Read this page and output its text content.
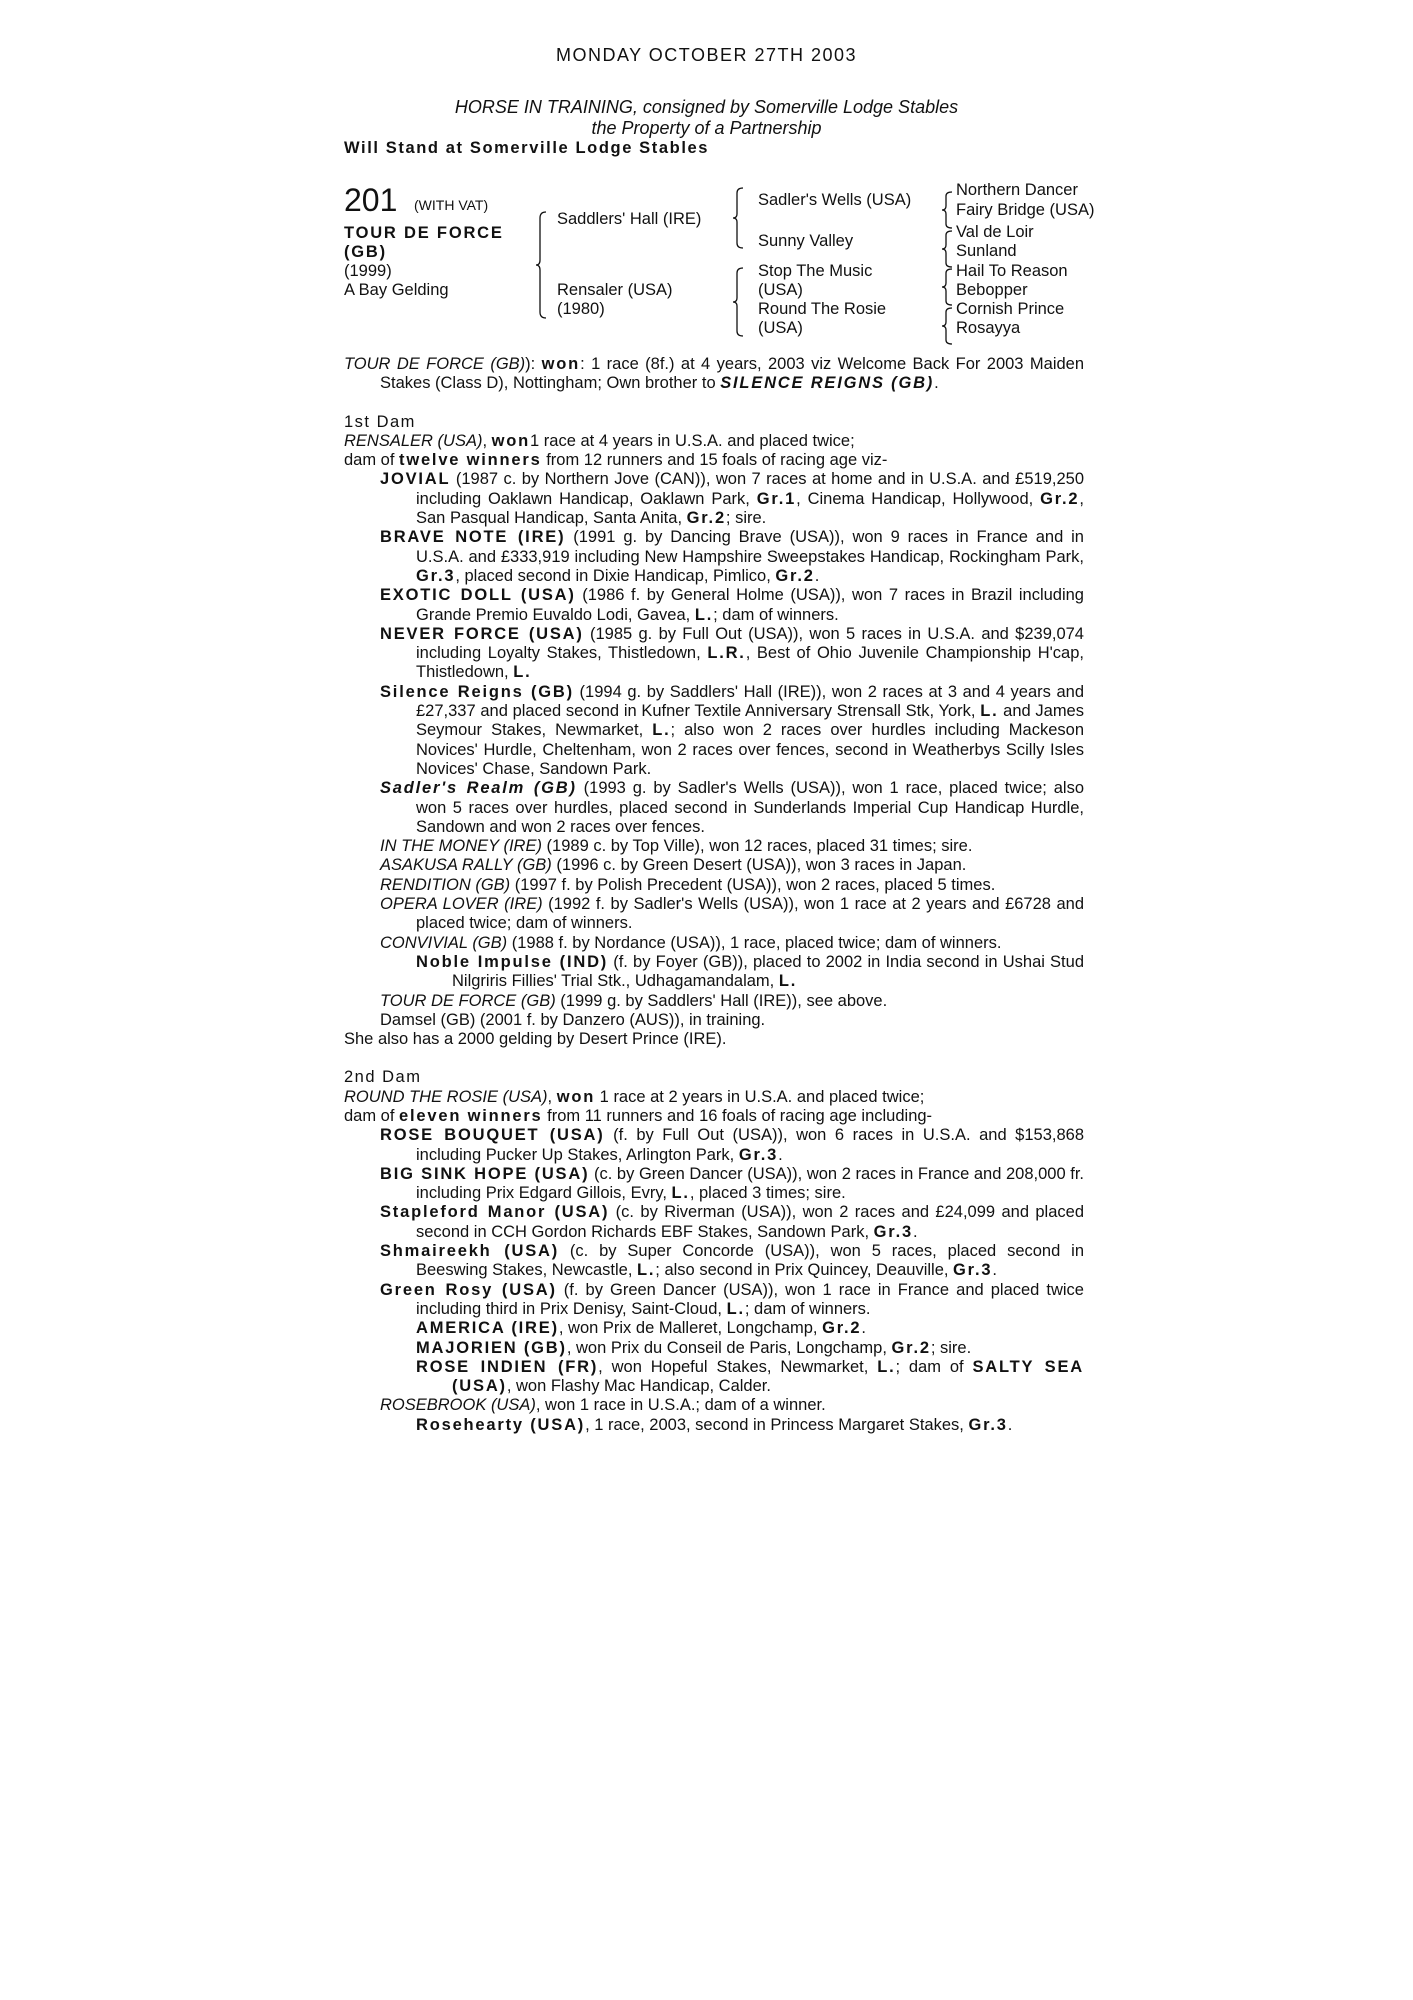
MONDAY OCTOBER 27TH 2003
HORSE IN TRAINING, consigned by Somerville Lodge Stables
the Property of a Partnership
Will Stand at Somerville Lodge Stables
201 (WITH VAT)
TOUR DE FORCE
(GB)
(1999)
A Bay Gelding
Saddlers' Hall (IRE)
Rensaler (USA)
(1980)
Sadler's Wells (USA)
Sunny Valley
Stop The Music
(USA)
Round The Rosie
(USA)
Northern Dancer
Fairy Bridge (USA)
Val de Loir
Sunland
Hail To Reason
Bebopper
Cornish Prince
Rosayya

TOUR DE FORCE (GB)): won: 1 race (8f.) at 4 years, 2003 viz Welcome Back For 2003 Maiden Stakes (Class D), Nottingham; Own brother to SILENCE REIGNS (GB).

1st Dam

RENSALER (USA), won1 race at 4 years in U.S.A. and placed twice;

dam of twelve winners from 12 runners and 15 foals of racing age viz-

JOVIAL (1987 c. by Northern Jove (CAN)), won 7 races at home and in U.S.A. and £519,250 including Oaklawn Handicap, Oaklawn Park, Gr.1, Cinema Handicap, Hollywood, Gr.2, San Pasqual Handicap, Santa Anita, Gr.2; sire.

BRAVE NOTE (IRE) (1991 g. by Dancing Brave (USA)), won 9 races in France and in U.S.A. and £333,919 including New Hampshire Sweepstakes Handicap, Rockingham Park, Gr.3, placed second in Dixie Handicap, Pimlico, Gr.2.

EXOTIC DOLL (USA) (1986 f. by General Holme (USA)), won 7 races in Brazil including Grande Premio Euvaldo Lodi, Gavea, L.; dam of winners.

NEVER FORCE (USA) (1985 g. by Full Out (USA)), won 5 races in U.S.A. and $239,074 including Loyalty Stakes, Thistledown, L.R., Best of Ohio Juvenile Championship H'cap, Thistledown, L.

Silence Reigns (GB) (1994 g. by Saddlers' Hall (IRE)), won 2 races at 3 and 4 years and £27,337 and placed second in Kufner Textile Anniversary Strensall Stk, York, L. and James Seymour Stakes, Newmarket, L.; also won 2 races over hurdles including Mackeson Novices' Hurdle, Cheltenham, won 2 races over fences, second in Weatherbys Scilly Isles Novices' Chase, Sandown Park.

Sadler's Realm (GB) (1993 g. by Sadler's Wells (USA)), won 1 race, placed twice; also won 5 races over hurdles, placed second in Sunderlands Imperial Cup Handicap Hurdle, Sandown and won 2 races over fences.

IN THE MONEY (IRE) (1989 c. by Top Ville), won 12 races, placed 31 times; sire.

ASAKUSA RALLY (GB) (1996 c. by Green Desert (USA)), won 3 races in Japan.

RENDITION (GB) (1997 f. by Polish Precedent (USA)), won 2 races, placed 5 times.

OPERA LOVER (IRE) (1992 f. by Sadler's Wells (USA)), won 1 race at 2 years and £6728 and placed twice; dam of winners.

CONVIVIAL (GB) (1988 f. by Nordance (USA)), 1 race, placed twice; dam of winners.

Noble Impulse (IND) (f. by Foyer (GB)), placed to 2002 in India second in Ushai Stud Nilgriris Fillies' Trial Stk., Udhagamandalam, L.

TOUR DE FORCE (GB) (1999 g. by Saddlers' Hall (IRE)), see above.

Damsel (GB) (2001 f. by Danzero (AUS)), in training.

She also has a 2000 gelding by Desert Prince (IRE).

2nd Dam

ROUND THE ROSIE (USA), won 1 race at 2 years in U.S.A. and placed twice;

dam of eleven winners from 11 runners and 16 foals of racing age including-

ROSE BOUQUET (USA) (f. by Full Out (USA)), won 6 races in U.S.A. and $153,868 including Pucker Up Stakes, Arlington Park, Gr.3.

BIG SINK HOPE (USA) (c. by Green Dancer (USA)), won 2 races in France and 208,000 fr. including Prix Edgard Gillois, Evry, L., placed 3 times; sire.

Stapleford Manor (USA) (c. by Riverman (USA)), won 2 races and £24,099 and placed second in CCH Gordon Richards EBF Stakes, Sandown Park, Gr.3.

Shmaireekh (USA) (c. by Super Concorde (USA)), won 5 races, placed second in Beeswing Stakes, Newcastle, L.; also second in Prix Quincey, Deauville, Gr.3.

Green Rosy (USA) (f. by Green Dancer (USA)), won 1 race in France and placed twice including third in Prix Denisy, Saint-Cloud, L.; dam of winners.

AMERICA (IRE), won Prix de Malleret, Longchamp, Gr.2.

MAJORIEN (GB), won Prix du Conseil de Paris, Longchamp, Gr.2; sire.

ROSE INDIEN (FR), won Hopeful Stakes, Newmarket, L.; dam of SALTY SEA (USA), won Flashy Mac Handicap, Calder.

ROSEBROOK (USA), won 1 race in U.S.A.; dam of a winner.

Rosehearty (USA), 1 race, 2003, second in Princess Margaret Stakes, Gr.3.
